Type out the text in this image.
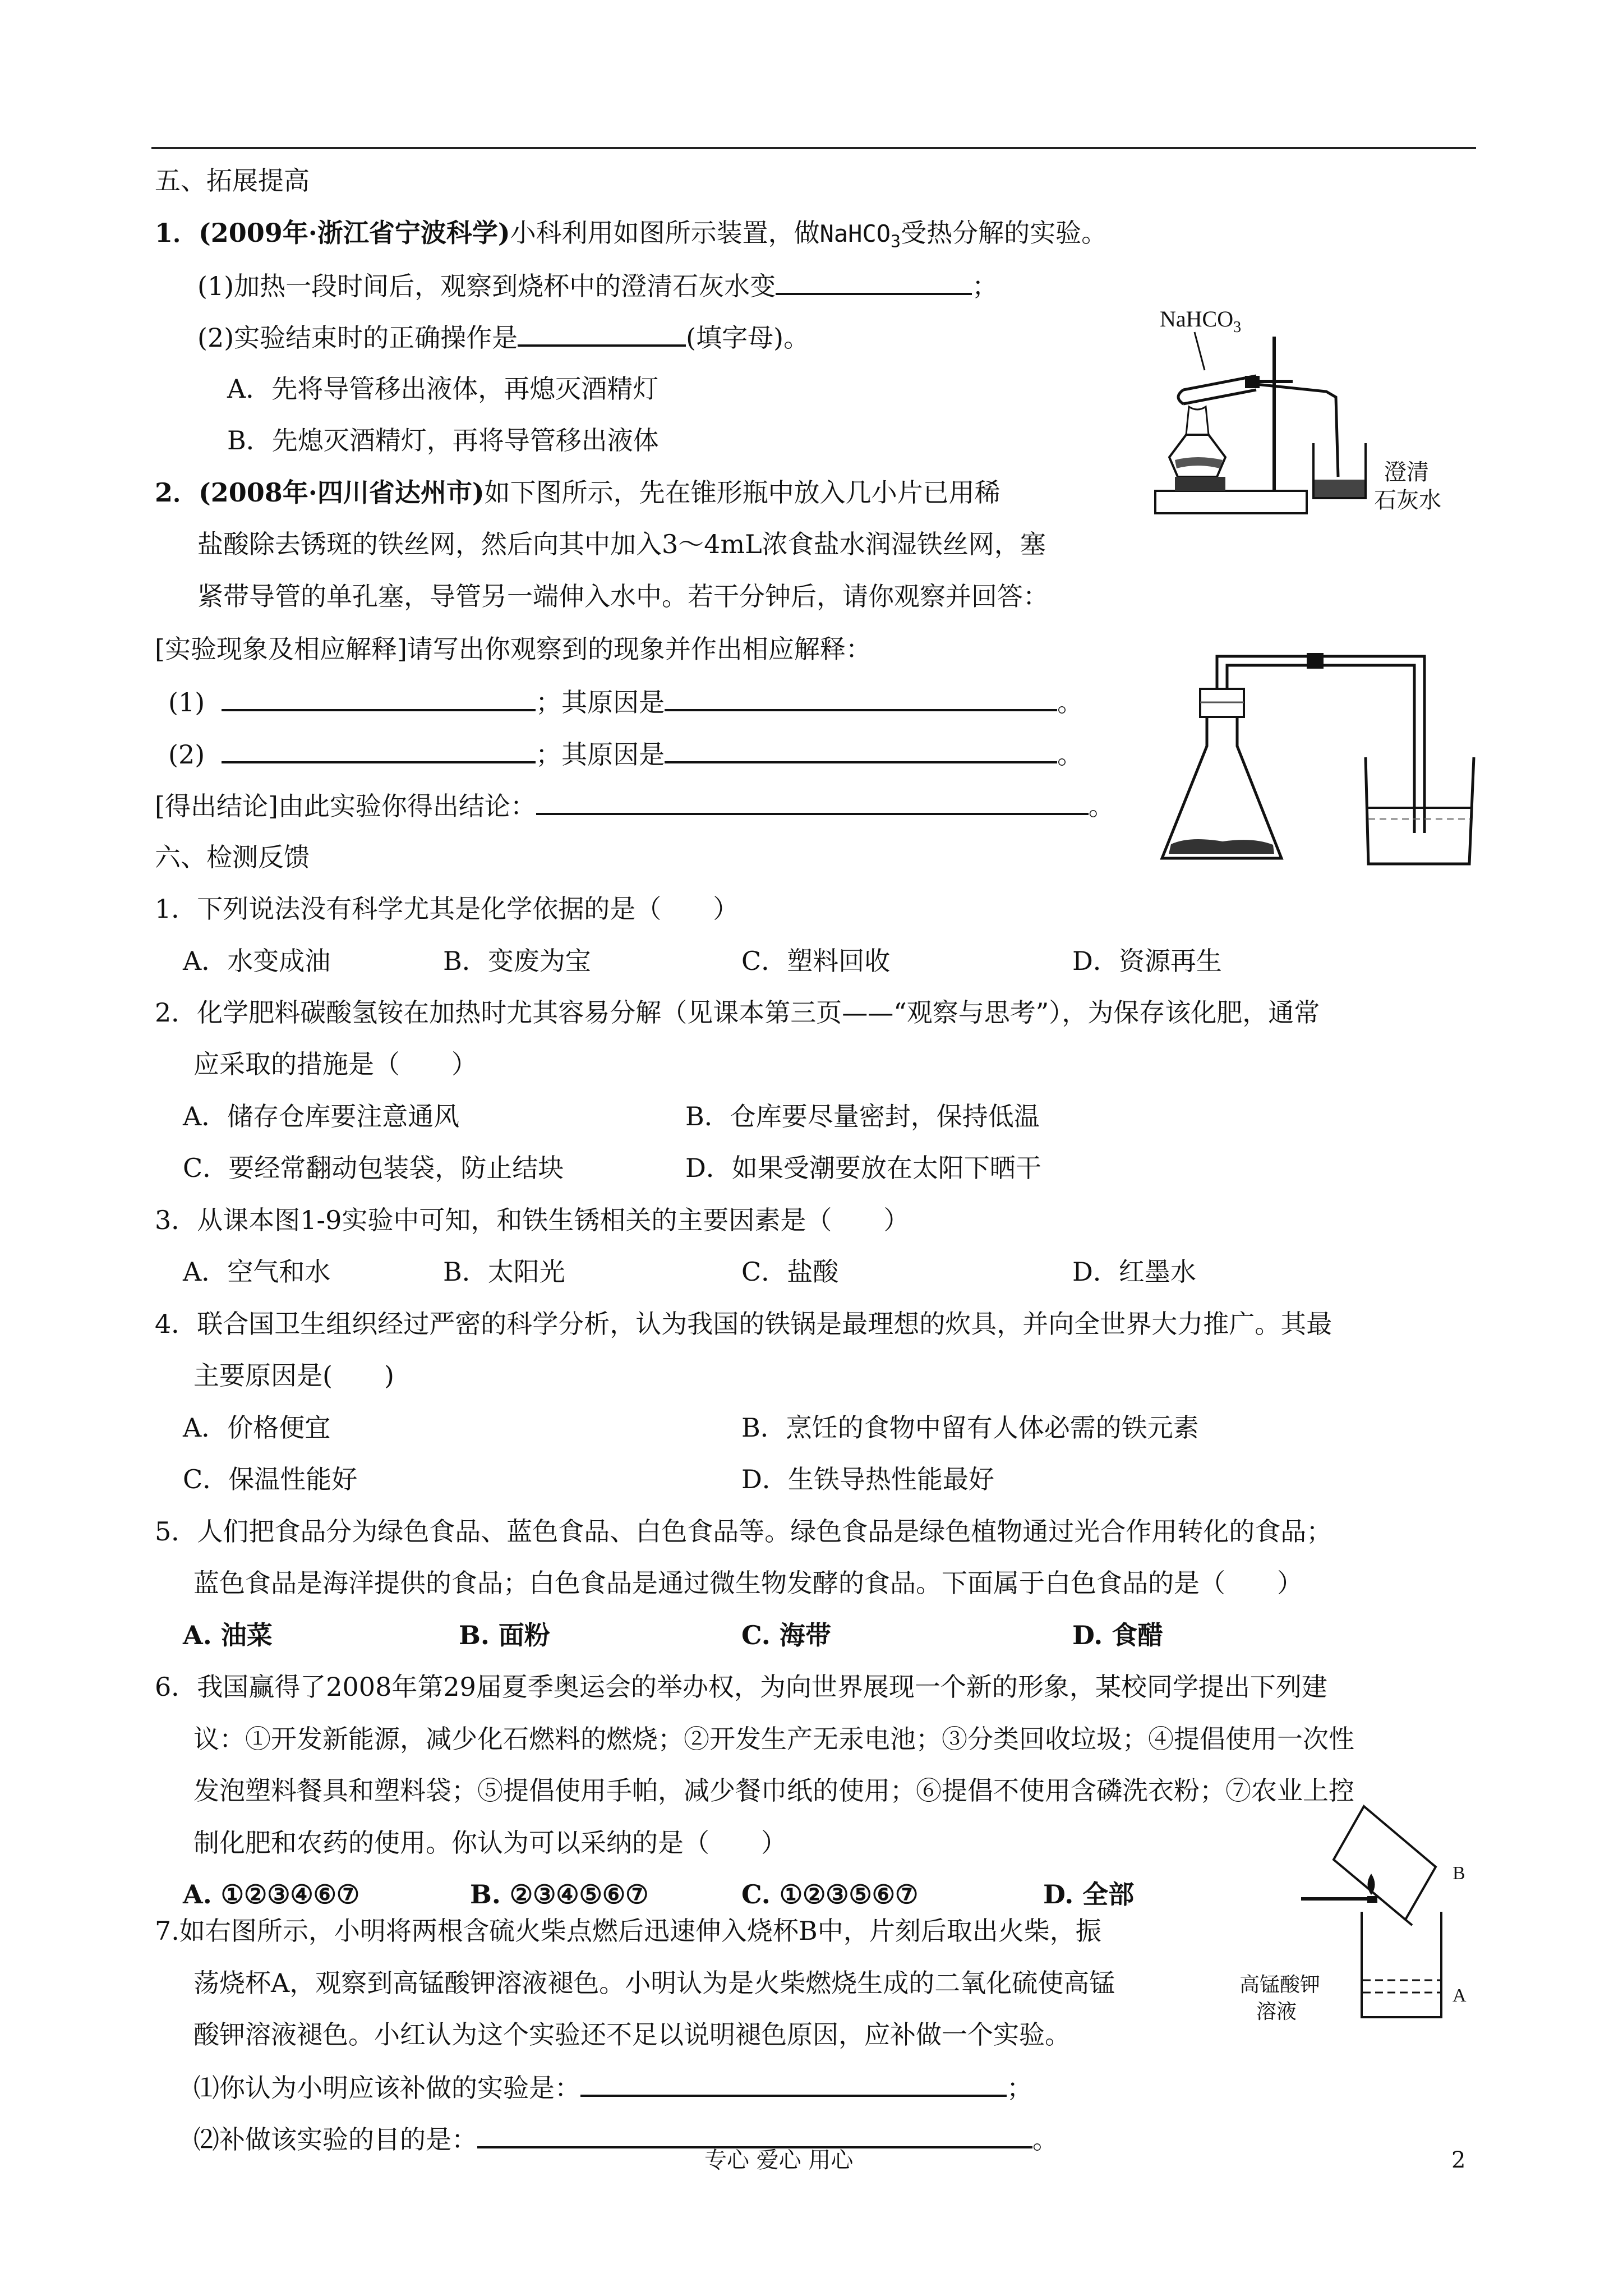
五、拓展提高
1．(2009年·浙江省宁波科学)小科利用如图所示装置，做NaHCO$_3$受热分解的实验。
(1)加热一段时间后，观察到烧杯中的澄清石灰水变	；
(2)实验结束时的正确操作是	(填字母)。
A．先将导管移出液体，再熄灭酒精灯
B．先熄灭酒精灯，再将导管移出液体
NaHCO$_3$
澄清
石灰水
2．(2008年·四川省达州市)如下图所示，先在锥形瓶中放入几小片已用稀
盐酸除去锈斑的铁丝网，然后向其中加入3～4mL浓食盐水润湿铁丝网，塞
紧带导管的单孔塞，导管另一端伸入水中。若干分钟后，请你观察并回答：
[实验现象及相应解释]请写出你观察到的现象并作出相应解释：
(1)	；其原因是	。
(2)	；其原因是	。
[得出结论]由此实验你得出结论：	。
六、检测反馈
1．下列说法没有科学尤其是化学依据的是（　　）
A．水变成油	B．变废为宝	C．塑料回收	D．资源再生
2．化学肥料碳酸氢铵在加热时尤其容易分解（见课本第三页——“观察与思考”），为保存该化肥，通常
应采取的措施是（　　）
A．储存仓库要注意通风	B．仓库要尽量密封，保持低温
C．要经常翻动包装袋，防止结块	D．如果受潮要放在太阳下晒干
3．从课本图1-9实验中可知，和铁生锈相关的主要因素是（　　）
A．空气和水	B．太阳光	C．盐酸	D．红墨水
4．联合国卫生组织经过严密的科学分析，认为我国的铁锅是最理想的炊具，并向全世界大力推广。其最
主要原因是(　　)
A．价格便宜	B．烹饪的食物中留有人体必需的铁元素
C．保温性能好	D．生铁导热性能最好
5．人们把食品分为绿色食品、蓝色食品、白色食品等。绿色食品是绿色植物通过光合作用转化的食品；
蓝色食品是海洋提供的食品；白色食品是通过微生物发酵的食品。下面属于白色食品的是（　　）
A. 油菜	B. 面粉	C. 海带	D. 食醋
6．我国赢得了2008年第29届夏季奥运会的举办权，为向世界展现一个新的形象，某校同学提出下列建
议：①开发新能源，减少化石燃料的燃烧；②开发生产无汞电池；③分类回收垃圾；④提倡使用一次性
发泡塑料餐具和塑料袋；⑤提倡使用手帕，减少餐巾纸的使用；⑥提倡不使用含磷洗衣粉；⑦农业上控
制化肥和农药的使用。你认为可以采纳的是（　　）
A. ①②③④⑥⑦	B. ②③④⑤⑥⑦	C. ①②③⑤⑥⑦	D. 全部
7.如右图所示，小明将两根含硫火柴点燃后迅速伸入烧杯B中，片刻后取出火柴，振
荡烧杯A，观察到高锰酸钾溶液褪色。小明认为是火柴燃烧生成的二氧化硫使高锰
酸钾溶液褪色。小红认为这个实验还不足以说明褪色原因，应补做一个实验。
⑴你认为小明应该补做的实验是：	；
⑵补做该实验的目的是：	。
B
A
高锰酸钾
溶液
专心 爱心 用心	2
